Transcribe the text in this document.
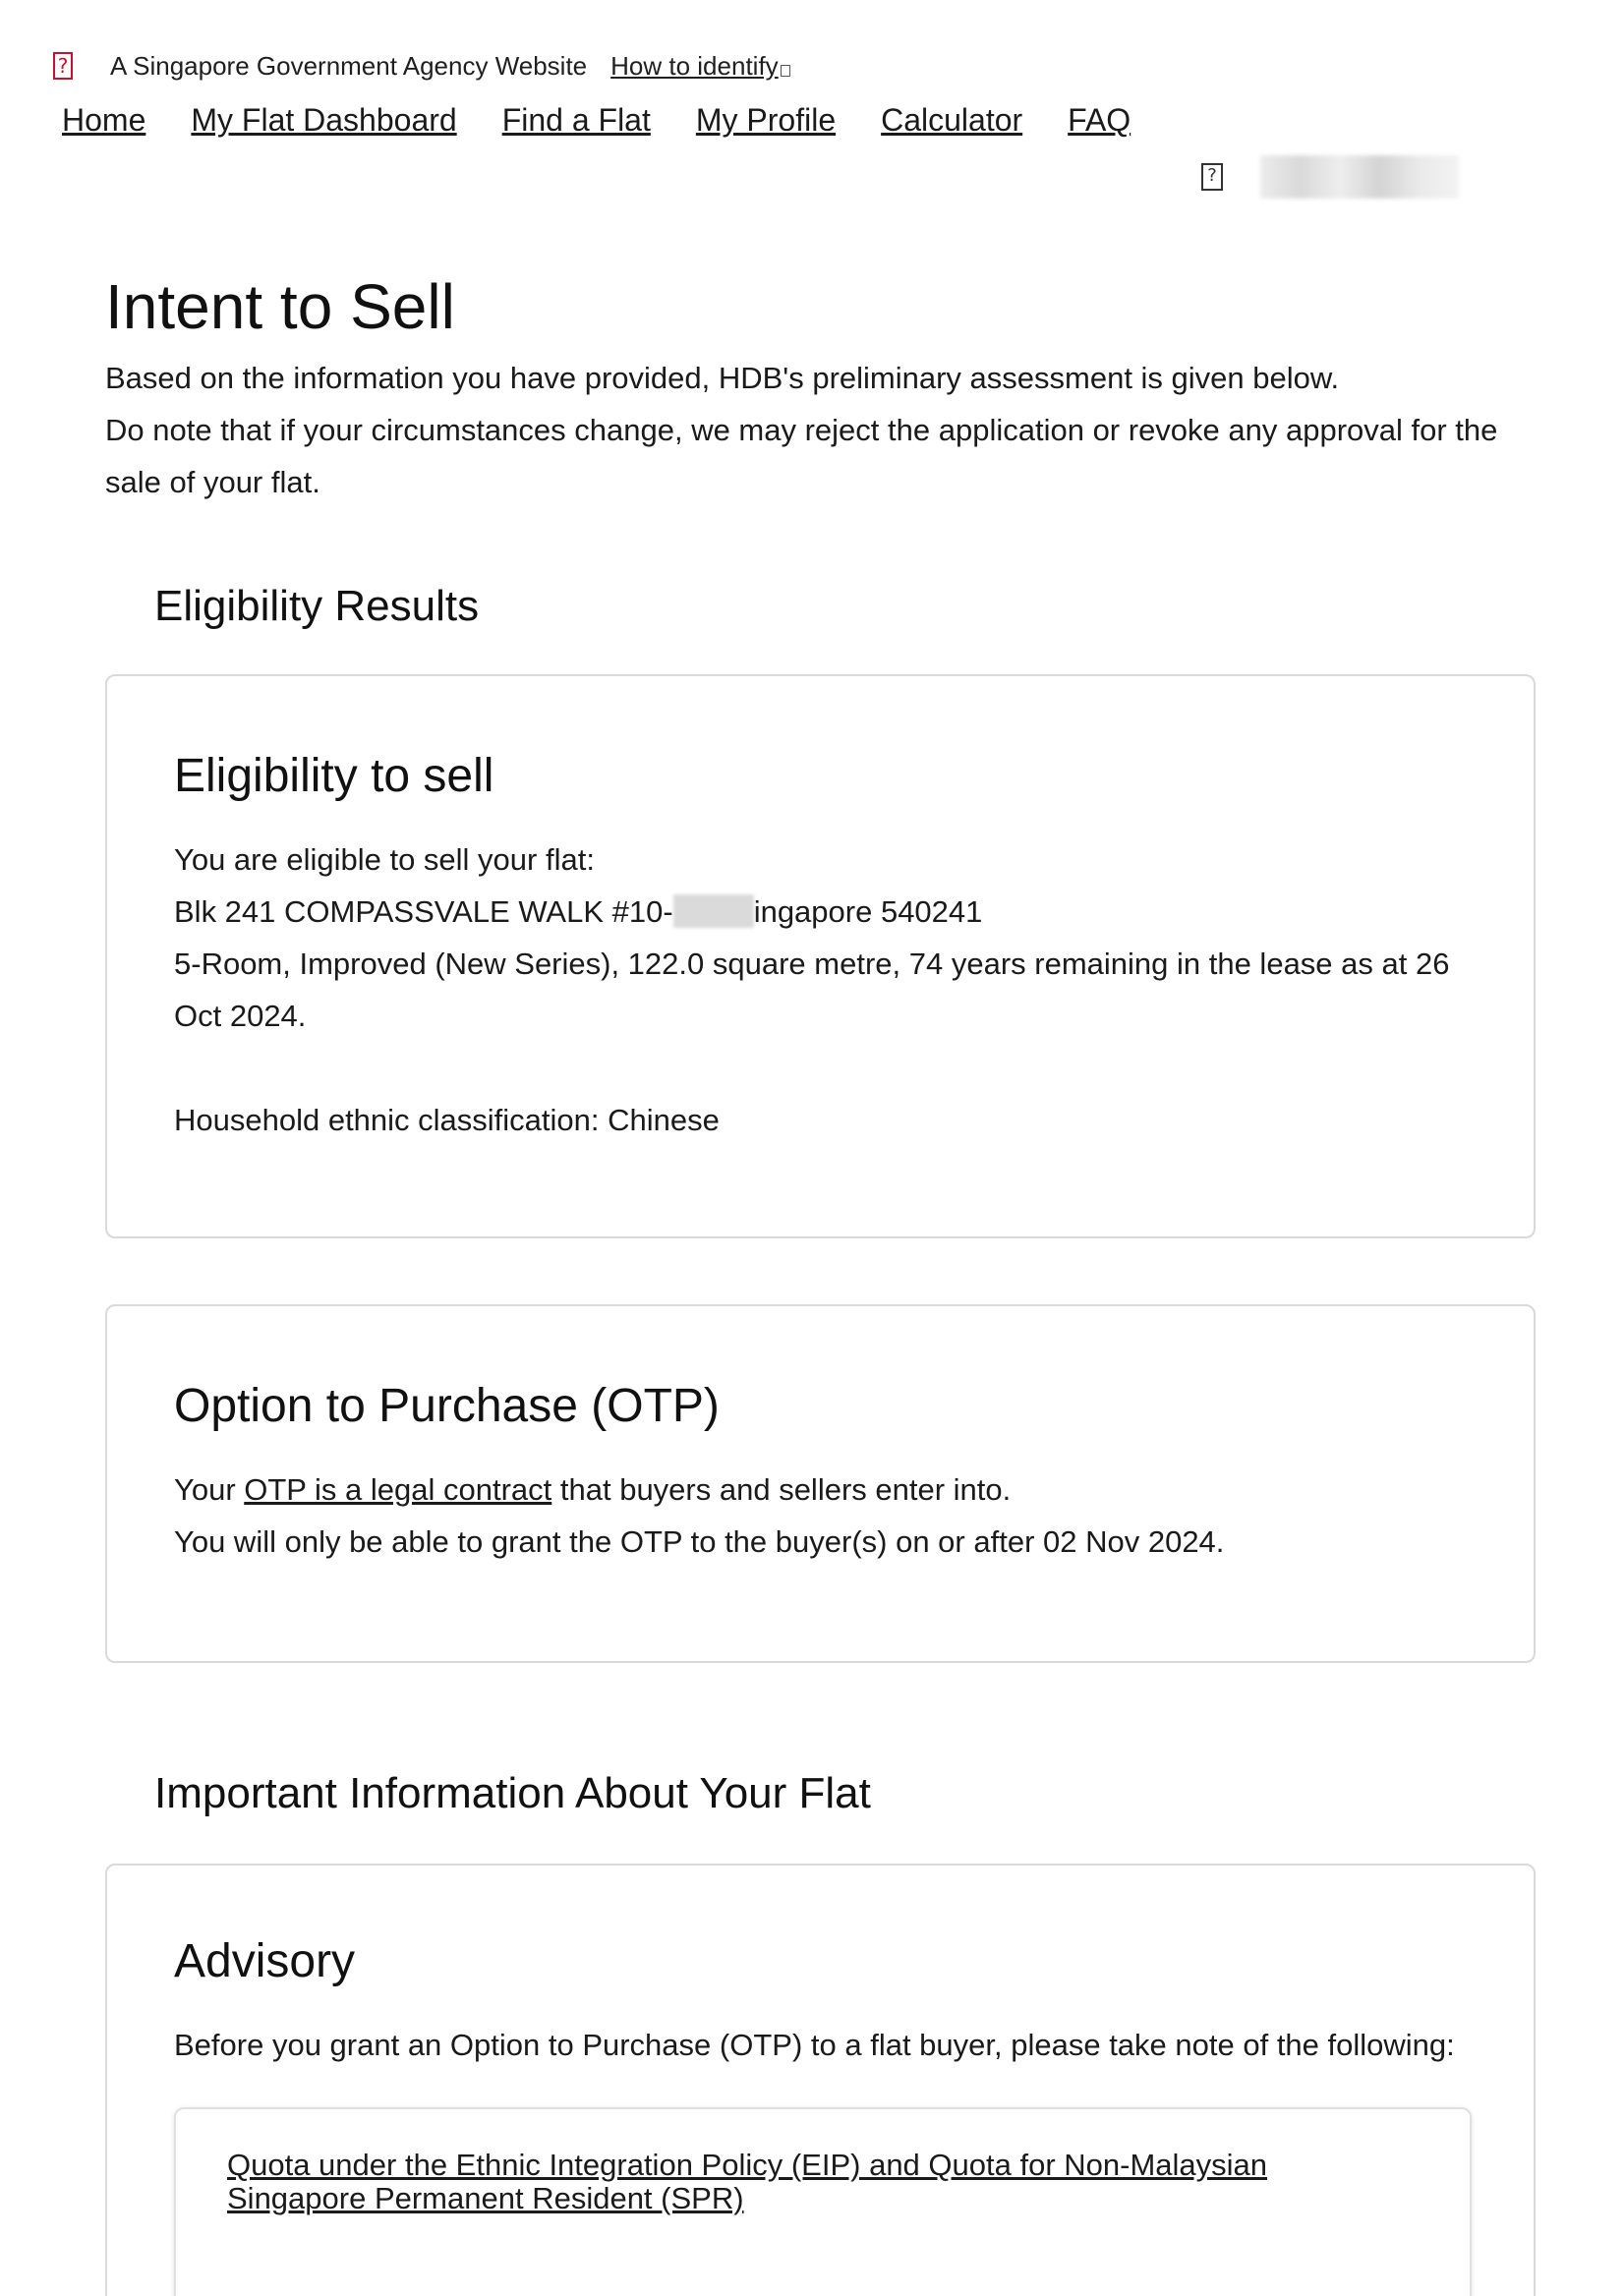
? A Singapore Government Agency Website How to identify
Home My Flat Dashboard Find a Flat My Profile Calculator FAQ
?
Intent to Sell
Based on the information you have provided, HDB's preliminary assessment is given below.
Do note that if your circumstances change, we may reject the application or revoke any approval for the sale of your flat.
Eligibility Results
Eligibility to sell
You are eligible to sell your flat:
Blk 241 COMPASSVALE WALK #10-	ingapore 540241
5-Room, Improved (New Series), 122.0 square metre, 74 years remaining in the lease as at 26 Oct 2024.
Household ethnic classification: Chinese
Option to Purchase (OTP)
Your OTP is a legal contract that buyers and sellers enter into.
You will only be able to grant the OTP to the buyer(s) on or after 02 Nov 2024.
Important Information About Your Flat
Advisory
Before you grant an Option to Purchase (OTP) to a flat buyer, please take note of the following:
Quota under the Ethnic Integration Policy (EIP) and Quota for Non-Malaysian Singapore Permanent Resident (SPR)
